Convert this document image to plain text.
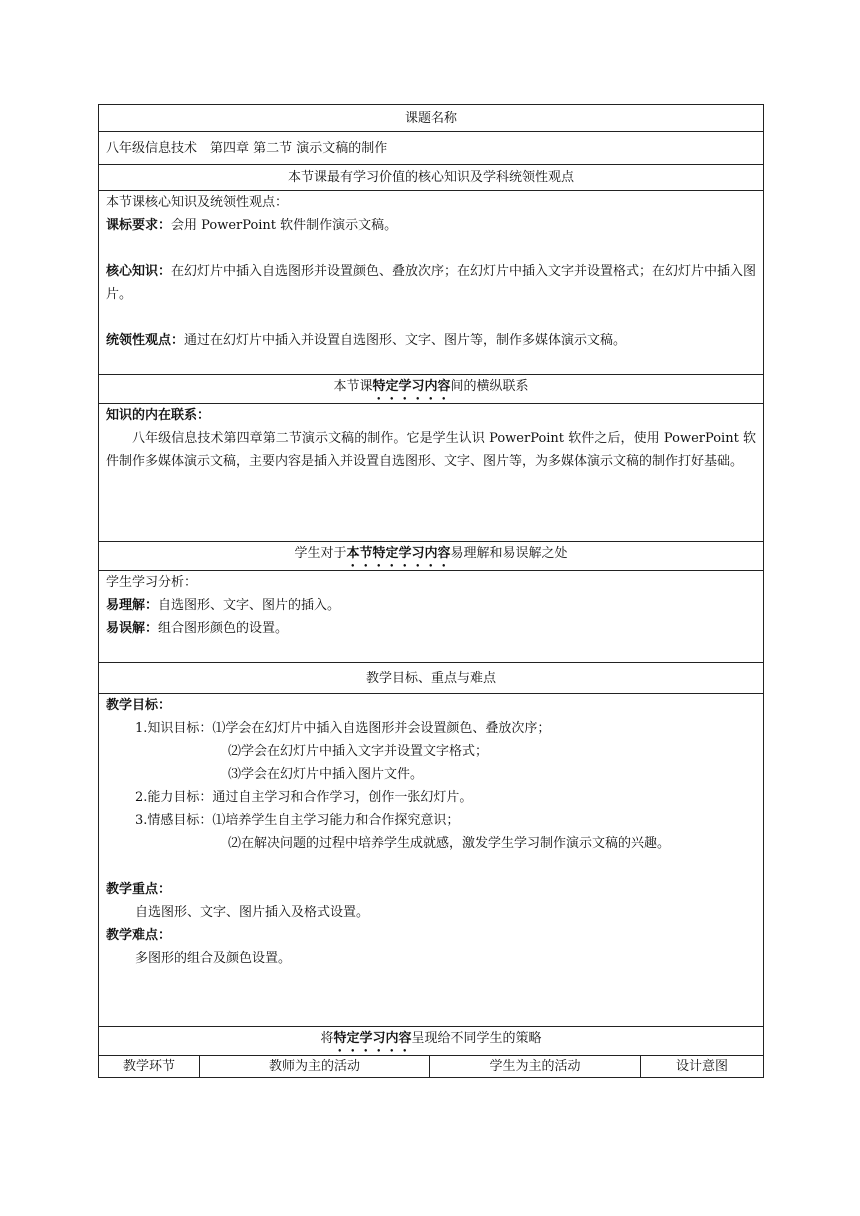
课题名称
八年级信息技术　第四章 第二节 演示文稿的制作
本节课最有学习价值的核心知识及学科统领性观点

本节课核心知识及统领性观点：
课标要求：会用 PowerPoint 软件制作演示文稿。
核心知识：在幻灯片中插入自选图形并设置颜色、叠放次序；在幻灯片中插入文字并设置格式；在幻灯片中插入图片。
统领性观点：通过在幻灯片中插入并设置自选图形、文字、图片等，制作多媒体演示文稿。

本节课特定学习内容间的横纵联系

知识的内在联系：
八年级信息技术第四章第二节演示文稿的制作。它是学生认识 PowerPoint 软件之后，使用 PowerPoint 软件制作多媒体演示文稿，主要内容是插入并设置自选图形、文字、图片等，为多媒体演示文稿的制作打好基础。

学生对于本节特定学习内容易理解和易误解之处

学生学习分析：
易理解：自选图形、文字、图片的插入。
易误解：组合图形颜色的设置。

教学目标、重点与难点

教学目标：
1.知识目标：⑴学会在幻灯片中插入自选图形并会设置颜色、叠放次序；
⑵学会在幻灯片中插入文字并设置文字格式；
⑶学会在幻灯片中插入图片文件。
2.能力目标：通过自主学习和合作学习，创作一张幻灯片。
3.情感目标：⑴培养学生自主学习能力和合作探究意识；
⑵在解决问题的过程中培养学生成就感，激发学生学习制作演示文稿的兴趣。
教学重点：
自选图形、文字、图片插入及格式设置。
教学难点：
多图形的组合及颜色设置。

将特定学习内容呈现给不同学生的策略
教学环节	教师为主的活动	学生为主的活动	设计意图
